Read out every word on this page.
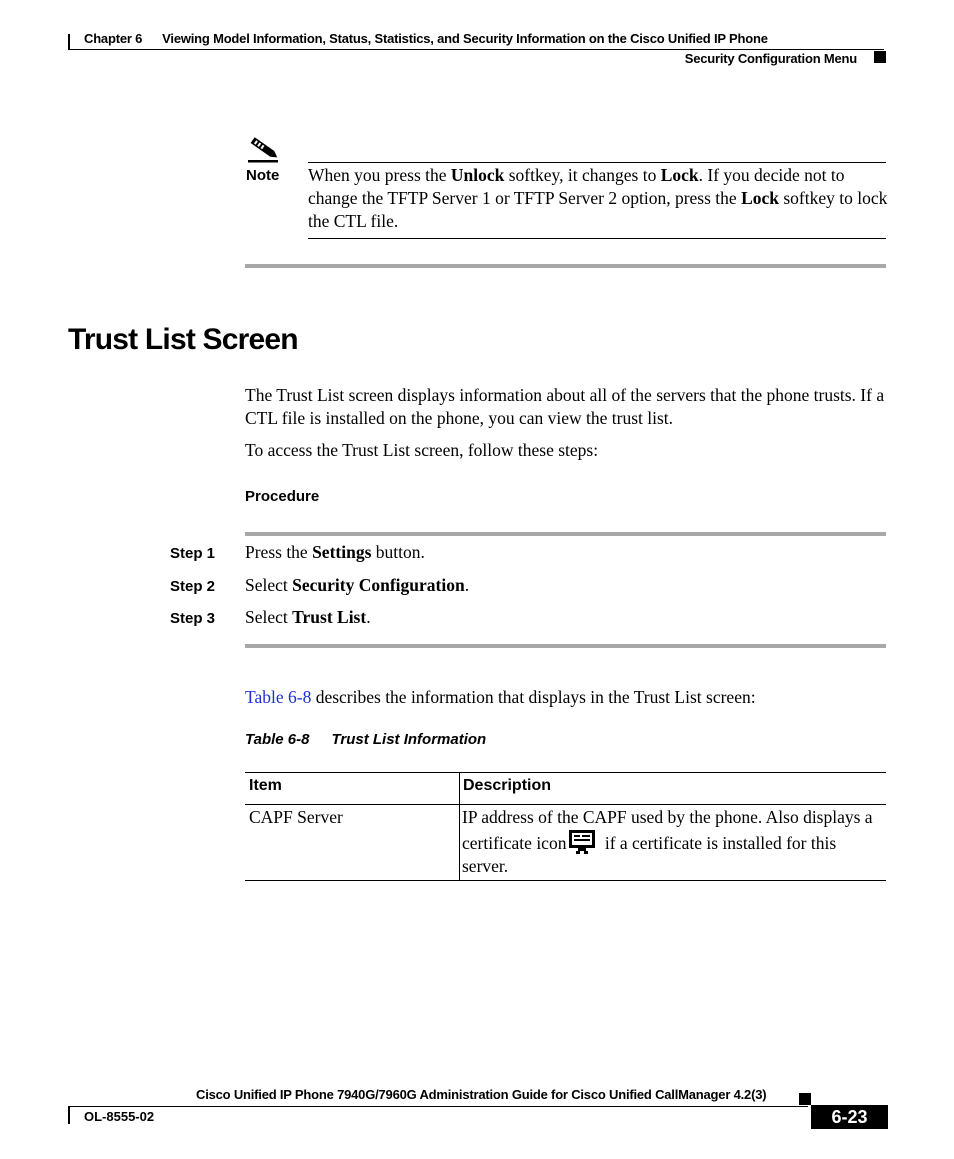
Chapter 6 Viewing Model Information, Status, Statistics, and Security Information on the Cisco Unified IP Phone
Security Configuration Menu
Note When you press the Unlock softkey, it changes to Lock. If you decide not to change the TFTP Server 1 or TFTP Server 2 option, press the Lock softkey to lock the CTL file.
Trust List Screen
The Trust List screen displays information about all of the servers that the phone trusts. If a CTL file is installed on the phone, you can view the trust list.
To access the Trust List screen, follow these steps:
Procedure
Step 1 Press the Settings button.
Step 2 Select Security Configuration.
Step 3 Select Trust List.
Table 6-8 describes the information that displays in the Trust List screen:
Table 6-8 Trust List Information
Item	Description
CAPF Server	IP address of the CAPF used by the phone. Also displays a certificate icon if a certificate is installed for this server.
Cisco Unified IP Phone 7940G/7960G Administration Guide for Cisco Unified CallManager 4.2(3)
OL-8555-02	6-23
